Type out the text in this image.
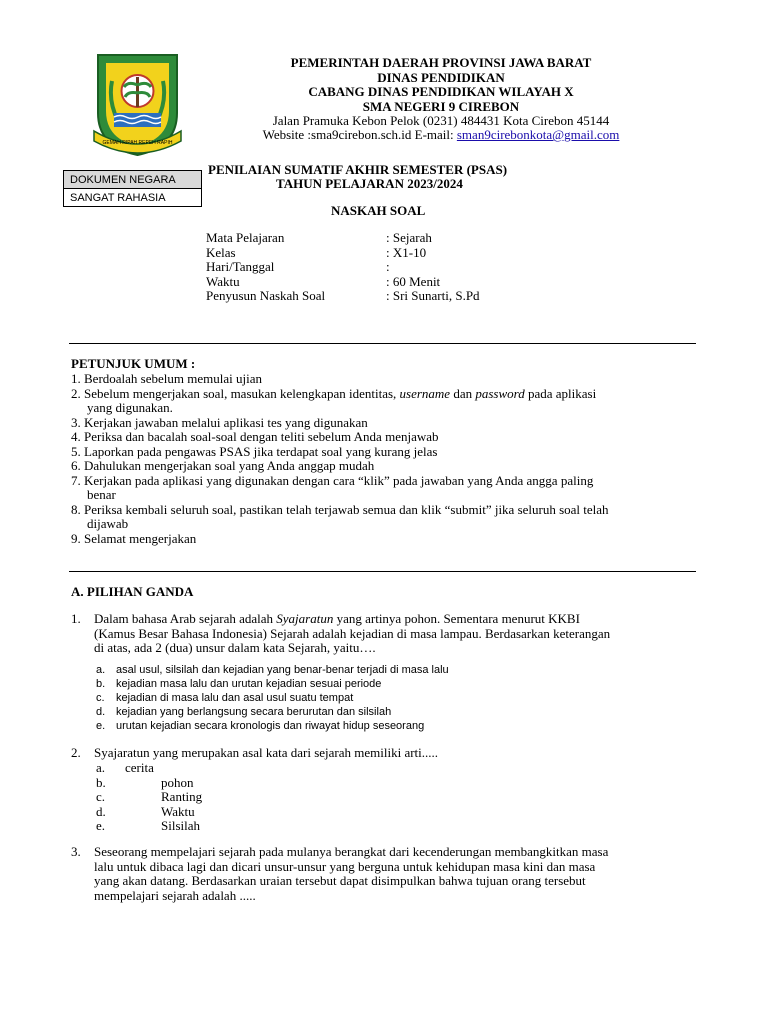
GEMAH RIPAH REPEH RAPIH
PEMERINTAH DAERAH PROVINSI JAWA BARAT
DINAS PENDIDIKAN
CABANG DINAS PENDIDIKAN WILAYAH X
SMA NEGERI 9 CIREBON
Jalan Pramuka Kebon Pelok (0231) 484431 Kota Cirebon 45144
Website :sma9cirebon.sch.id E-mail: sman9cirebonkota@gmail.com
DOKUMEN NEGARA
SANGAT RAHASIA
PENILAIAN SUMATIF AKHIR SEMESTER (PSAS)
TAHUN PELAJARAN 2023/2024
NASKAH SOAL
Mata Pelajaran	: Sejarah
Kelas	: X1-10
Hari/Tanggal	:
Waktu	: 60 Menit
Penyusun Naskah Soal	: Sri Sunarti, S.Pd
PETUNJUK UMUM :
1. Berdoalah sebelum memulai ujian
2. Sebelum mengerjakan soal, masukan kelengkapan identitas, username dan password pada aplikasi
yang digunakan.
3. Kerjakan jawaban melalui aplikasi tes yang digunakan
4. Periksa dan bacalah soal-soal dengan teliti sebelum Anda menjawab
5. Laporkan pada pengawas PSAS jika terdapat soal yang kurang jelas
6. Dahulukan mengerjakan soal yang Anda anggap mudah
7. Kerjakan pada aplikasi yang digunakan dengan cara “klik” pada jawaban yang Anda angga paling
benar
8. Periksa kembali seluruh soal, pastikan telah terjawab semua dan klik “submit” jika seluruh soal telah
dijawab
9. Selamat mengerjakan
A. PILIHAN GANDA
1. Dalam bahasa Arab sejarah adalah Syajaratun yang artinya pohon. Sementara menurut KKBI
(Kamus Besar Bahasa Indonesia) Sejarah adalah kejadian di masa lampau. Berdasarkan keterangan
di atas, ada 2 (dua) unsur dalam kata Sejarah, yaitu….
a. asal usul, silsilah dan kejadian yang benar-benar terjadi di masa lalu
b. kejadian masa lalu dan urutan kejadian sesuai periode
c. kejadian di masa lalu dan asal usul suatu tempat
d. kejadian yang berlangsung secara berurutan dan silsilah
e. urutan kejadian secara kronologis dan riwayat hidup seseorang
2. Syajaratun yang merupakan asal kata dari sejarah memiliki arti.....
a. cerita
b.	pohon
c.	Ranting
d.	Waktu
e.	Silsilah
3. Seseorang mempelajari sejarah pada mulanya berangkat dari kecenderungan membangkitkan masa
lalu untuk dibaca lagi dan dicari unsur-unsur yang berguna untuk kehidupan masa kini dan masa
yang akan datang. Berdasarkan uraian tersebut dapat disimpulkan bahwa tujuan orang tersebut
mempelajari sejarah adalah .....
